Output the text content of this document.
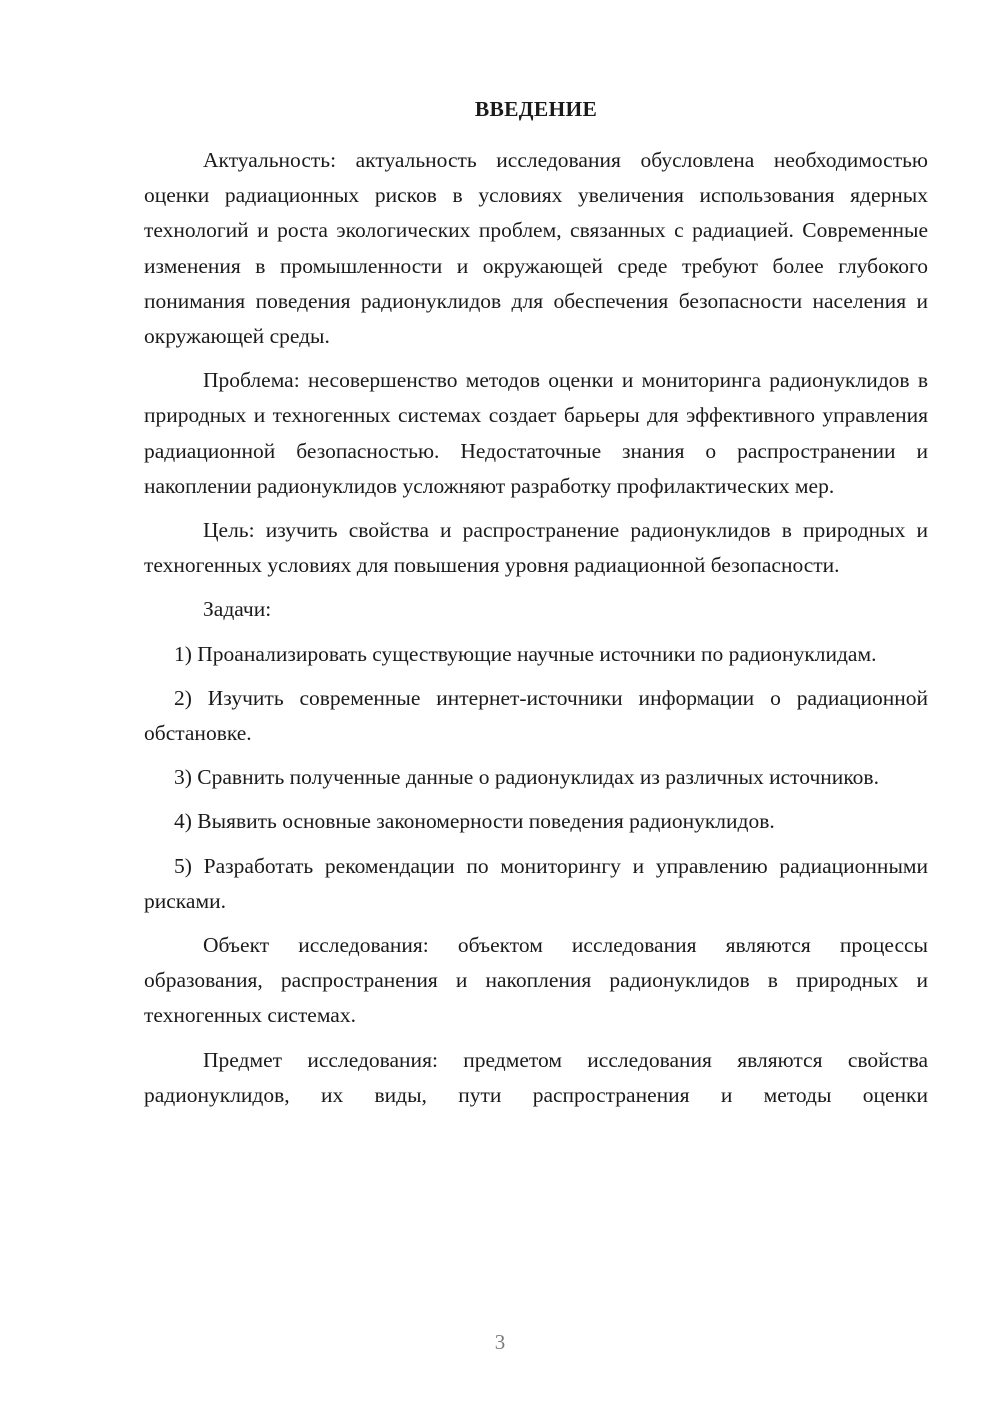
ВВЕДЕНИЕ

Актуальность: актуальность исследования обусловлена необходимостью оценки радиационных рисков в условиях увеличения использования ядерных технологий и роста экологических проблем, связанных с радиацией. Современные изменения в промышленности и окружающей среде требуют более глубокого понимания поведения радионуклидов для обеспечения безопасности населения и окружающей среды.

Проблема: несовершенство методов оценки и мониторинга радионуклидов в природных и техногенных системах создает барьеры для эффективного управления радиационной безопасностью. Недостаточные знания о распространении и накоплении радионуклидов усложняют разработку профилактических мер.

Цель: изучить свойства и распространение радионуклидов в природных и техногенных условиях для повышения уровня радиационной безопасности.

Задачи:

1) Проанализировать существующие научные источники по радионуклидам.

2) Изучить современные интернет-источники информации о радиационной обстановке.

3) Сравнить полученные данные о радионуклидах из различных источников.

4) Выявить основные закономерности поведения радионуклидов.

5) Разработать рекомендации по мониторингу и управлению радиационными рисками.

Объект исследования: объектом исследования являются процессы образования, распространения и накопления радионуклидов в природных и техногенных системах.

Предмет исследования: предметом исследования являются свойства радионуклидов, их виды, пути распространения и методы оценки

3
